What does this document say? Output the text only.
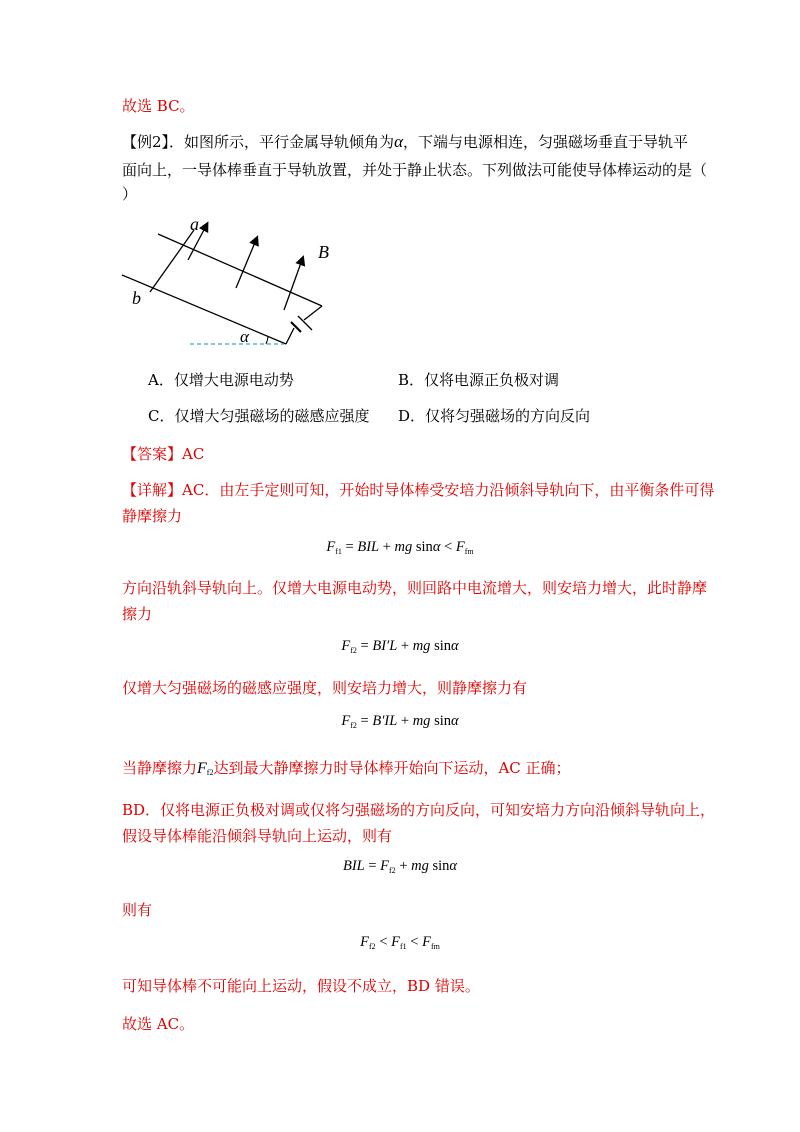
故选 BC。
【例2】．如图所示，平行金属导轨倾角为α，下端与电源相连，匀强磁场垂直于导轨平
面向上，一导体棒垂直于导轨放置，并处于静止状态。下列做法可能使导体棒运动的是（
）
a
b
B
α
A．仅增大电源电动势	B．仅将电源正负极对调
C．仅增大匀强磁场的磁感应强度 D．仅将匀强磁场的方向反向
【答案】AC
【详解】AC．由左手定则可知，开始时导体棒受安培力沿倾斜导轨向下，由平衡条件可得
静摩擦力
$F_{f1}$ = BIL + mg $\sin\alpha < F_{fm}$
方向沿轨斜导轨向上。仅增大电源电动势，则回路中电流增大，则安培力增大，此时静摩
擦力
$F_{f2} = BI'L$ + mg sinα
仅增大匀强磁场的磁感应强度，则安培力增大，则静摩擦力有
$F_{f2} = B'IL$ + mg sinα
当静摩擦力$F_{f2}$达到最大静摩擦力时导体棒开始向下运动，AC 正确；
BD．仅将电源正负极对调或仅将匀强磁场的方向反向，可知安培力方向沿倾斜导轨向上，
假设导体棒能沿倾斜导轨向上运动，则有
BIL = $F_{f2}$ + mg sinα
则有
$F_{f2} < F_{f1} < F_{fm}$
可知导体棒不可能向上运动，假设不成立，BD 错误。
故选 AC。
